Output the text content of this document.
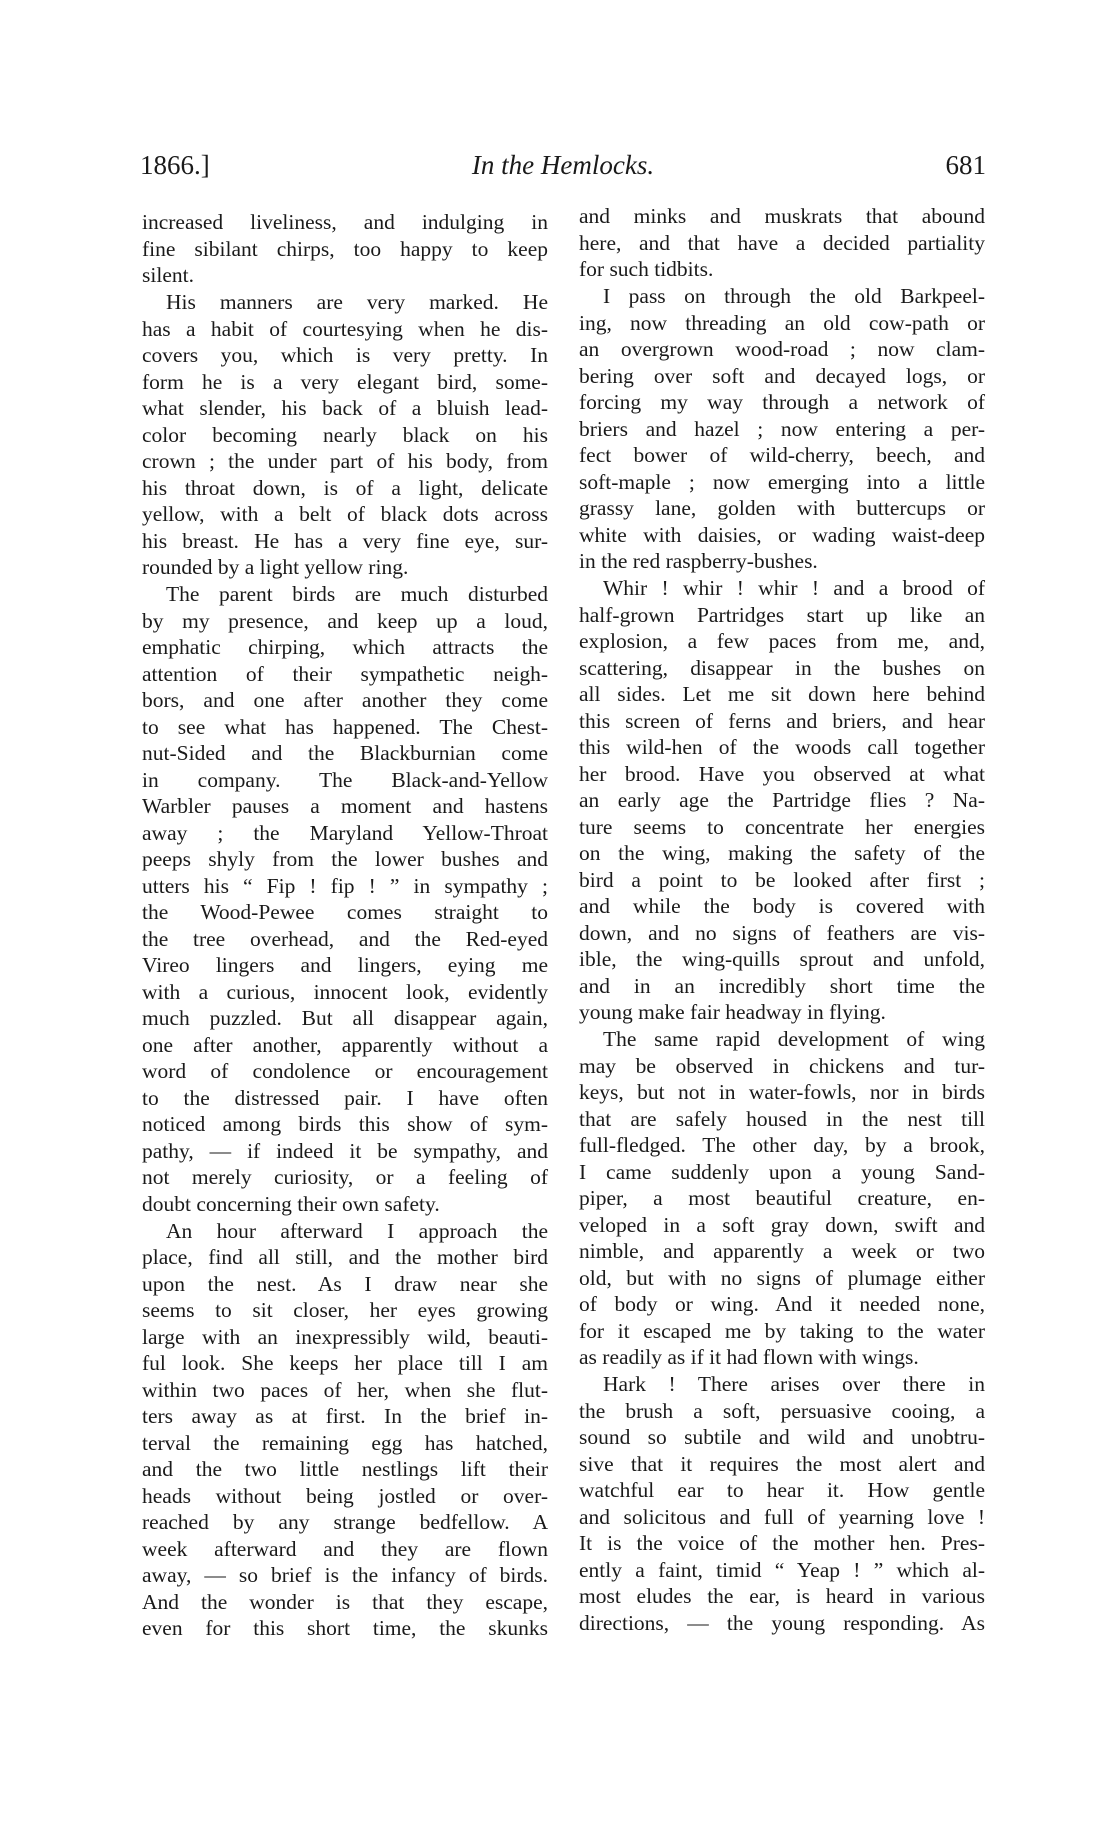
1866.]	In the Hemlocks.	681
increased liveliness, and indulging in
fine sibilant chirps, too happy to keep
silent.
His manners are very marked. He
has a habit of courtesying when he dis-
covers you, which is very pretty. In
form he is a very elegant bird, some-
what slender, his back of a bluish lead-
color becoming nearly black on his
crown ; the under part of his body, from
his throat down, is of a light, delicate
yellow, with a belt of black dots across
his breast. He has a very fine eye, sur-
rounded by a light yellow ring.
The parent birds are much disturbed
by my presence, and keep up a loud,
emphatic chirping, which attracts the
attention of their sympathetic neigh-
bors, and one after another they come
to see what has happened. The Chest-
nut-Sided and the Blackburnian come
in company. The Black-and-Yellow
Warbler pauses a moment and hastens
away ; the Maryland Yellow-Throat
peeps shyly from the lower bushes and
utters his “ Fip ! fip ! ” in sympathy ;
the Wood-Pewee comes straight to
the tree overhead, and the Red-eyed
Vireo lingers and lingers, eying me
with a curious, innocent look, evidently
much puzzled. But all disappear again,
one after another, apparently without a
word of condolence or encouragement
to the distressed pair. I have often
noticed among birds this show of sym-
pathy, — if indeed it be sympathy, and
not merely curiosity, or a feeling of
doubt concerning their own safety.
An hour afterward I approach the
place, find all still, and the mother bird
upon the nest. As I draw near she
seems to sit closer, her eyes growing
large with an inexpressibly wild, beauti-
ful look. She keeps her place till I am
within two paces of her, when she flut-
ters away as at first. In the brief in-
terval the remaining egg has hatched,
and the two little nestlings lift their
heads without being jostled or over-
reached by any strange bedfellow. A
week afterward and they are flown
away, — so brief is the infancy of birds.
And the wonder is that they escape,
even for this short time, the skunks
and minks and muskrats that abound
here, and that have a decided partiality
for such tidbits.
I pass on through the old Barkpeel-
ing, now threading an old cow-path or
an overgrown wood-road ; now clam-
bering over soft and decayed logs, or
forcing my way through a network of
briers and hazel ; now entering a per-
fect bower of wild-cherry, beech, and
soft-maple ; now emerging into a little
grassy lane, golden with buttercups or
white with daisies, or wading waist-deep
in the red raspberry-bushes.
Whir ! whir ! whir ! and a brood of
half-grown Partridges start up like an
explosion, a few paces from me, and,
scattering, disappear in the bushes on
all sides. Let me sit down here behind
this screen of ferns and briers, and hear
this wild-hen of the woods call together
her brood. Have you observed at what
an early age the Partridge flies ? Na-
ture seems to concentrate her energies
on the wing, making the safety of the
bird a point to be looked after first ;
and while the body is covered with
down, and no signs of feathers are vis-
ible, the wing-quills sprout and unfold,
and in an incredibly short time the
young make fair headway in flying.
The same rapid development of wing
may be observed in chickens and tur-
keys, but not in water-fowls, nor in birds
that are safely housed in the nest till
full-fledged. The other day, by a brook,
I came suddenly upon a young Sand-
piper, a most beautiful creature, en-
veloped in a soft gray down, swift and
nimble, and apparently a week or two
old, but with no signs of plumage either
of body or wing. And it needed none,
for it escaped me by taking to the water
as readily as if it had flown with wings.
Hark ! There arises over there in
the brush a soft, persuasive cooing, a
sound so subtile and wild and unobtru-
sive that it requires the most alert and
watchful ear to hear it. How gentle
and solicitous and full of yearning love !
It is the voice of the mother hen. Pres-
ently a faint, timid “ Yeap ! ” which al-
most eludes the ear, is heard in various
directions, — the young responding. As
